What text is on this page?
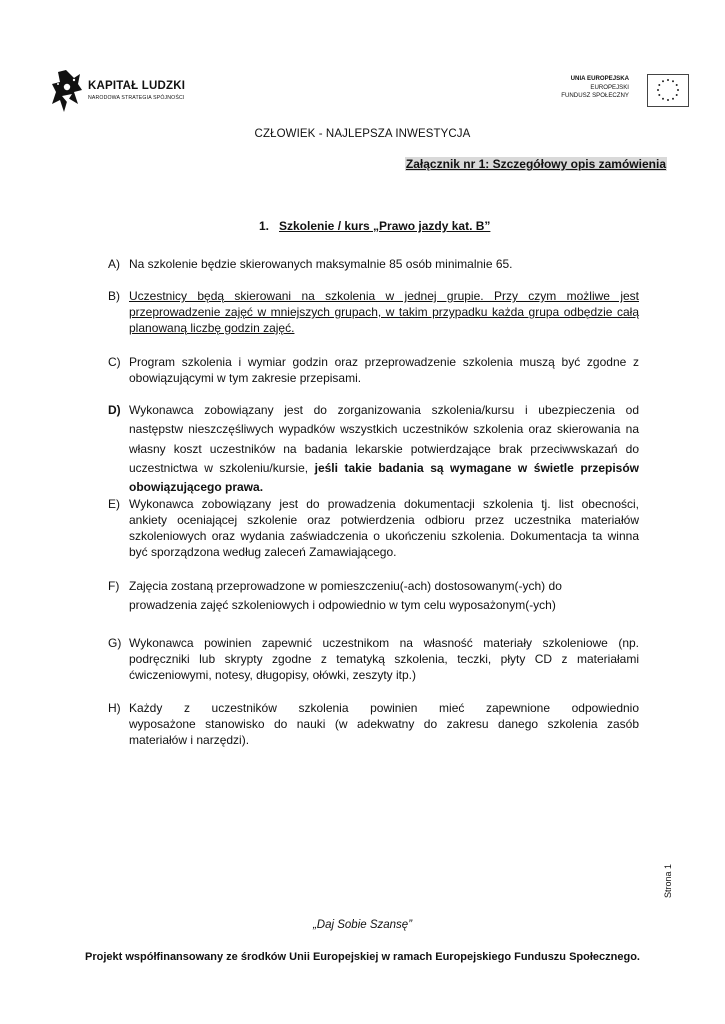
KAPITAŁ LUDZKI
NARODOWA STRATEGIA SPÓJNOŚCI
UNIA EUROPEJSKA
EUROPEJSKI
FUNDUSZ SPOŁECZNY
CZŁOWIEK - NAJLEPSZA INWESTYCJA
Załącznik nr 1: Szczegółowy opis zamówienia
1. Szkolenie / kurs „Prawo jazdy kat. B”
A) Na szkolenie będzie skierowanych maksymalnie 85 osób minimalnie 65.
B) Uczestnicy będą skierowani na szkolenia w jednej grupie. Przy czym możliwe jest
przeprowadzenie zajęć w mniejszych grupach, w takim przypadku każda grupa odbędzie całą
planowaną liczbę godzin zajęć.
C) Program szkolenia i wymiar godzin oraz przeprowadzenie szkolenia muszą być zgodne z
obowiązującymi w tym zakresie przepisami.
D) Wykonawca zobowiązany jest do zorganizowania szkolenia/kursu i ubezpieczenia od
następstw nieszczęśliwych wypadków wszystkich uczestników szkolenia oraz skierowania na
własny koszt uczestników na badania lekarskie potwierdzające brak przeciwwskazań do
uczestnictwa w szkoleniu/kursie, jeśli takie badania są wymagane w świetle przepisów
obowiązującego prawa.
E) Wykonawca zobowiązany jest do prowadzenia dokumentacji szkolenia tj. list obecności,
ankiety oceniającej szkolenie oraz potwierdzenia odbioru przez uczestnika materiałów
szkoleniowych oraz wydania zaświadczenia o ukończeniu szkolenia. Dokumentacja ta winna
być sporządzona według zaleceń Zamawiającego.
F) Zajęcia zostaną przeprowadzone w pomieszczeniu(-ach) dostosowanym(-ych) do
prowadzenia zajęć szkoleniowych i odpowiednio w tym celu wyposażonym(-ych)
G) Wykonawca powinien zapewnić uczestnikom na własność materiały szkoleniowe (np.
podręczniki lub skrypty zgodne z tematyką szkolenia, teczki, płyty CD z materiałami
ćwiczeniowymi, notesy, długopisy, ołówki, zeszyty itp.)
H) Każdy z uczestników szkolenia powinien mieć zapewnione odpowiednio
wyposażone stanowisko do nauki (w adekwatny do zakresu danego szkolenia zasób
materiałów i narzędzi).
Strona 1
„Daj Sobie Szansę”
Projekt współfinansowany ze środków Unii Europejskiej w ramach Europejskiego Funduszu Społecznego.
